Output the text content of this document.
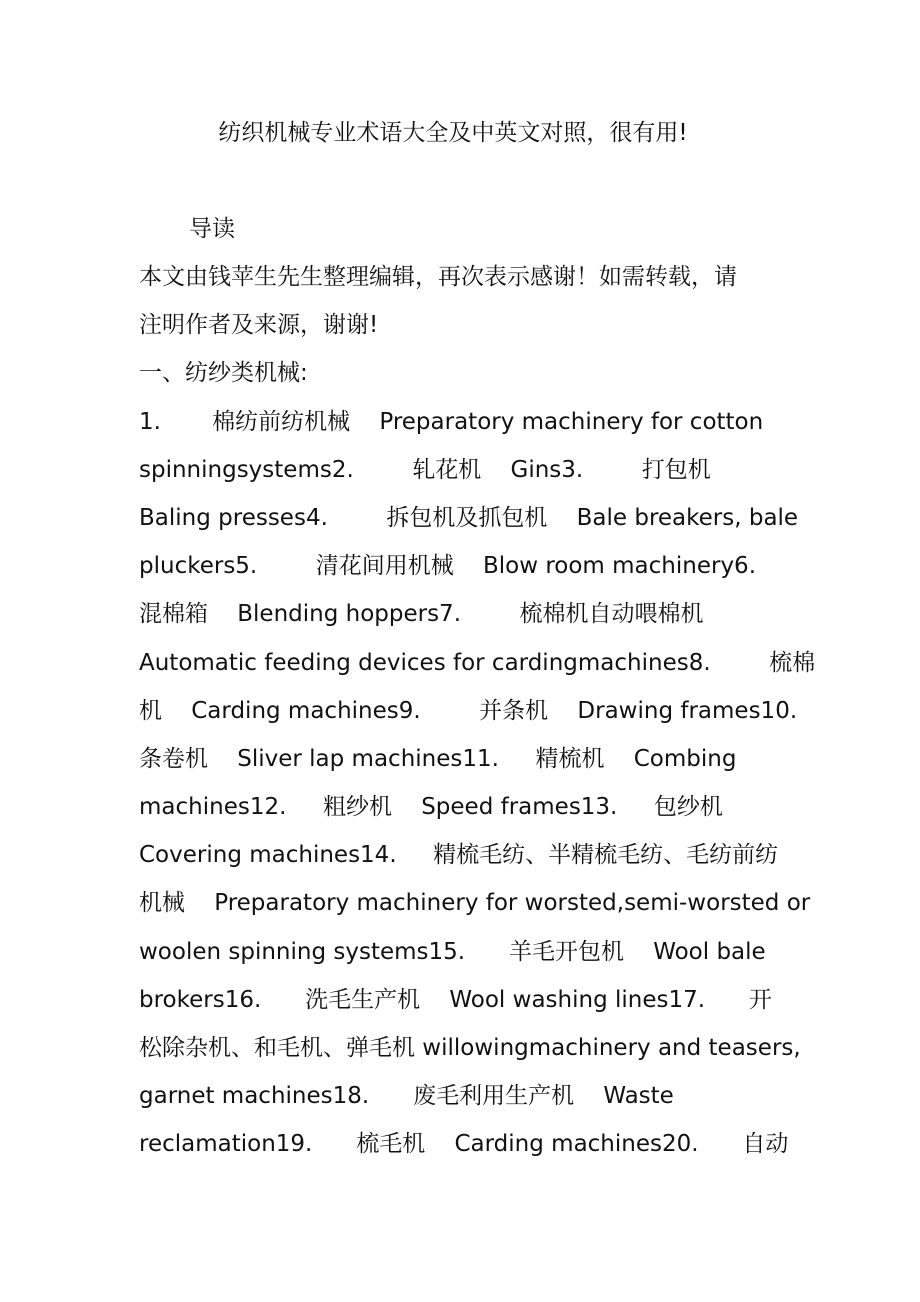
纺织机械专业术语大全及中英文对照，很有用!
导读
本文由钱苹生先生整理编辑，再次表示感谢！如需转载，请
注明作者及来源，谢谢!
一、纺纱类机械:
1.       棉纺前纺机械    Preparatory machinery for cotton
spinningsystems2.        轧花机    Gins3.        打包机
Baling presses4.        拆包机及抓包机    Bale breakers, bale
pluckers5.        清花间用机械    Blow room machinery6.
混棉箱    Blending hoppers7.        梳棉机自动喂棉机
Automatic feeding devices for cardingmachines8.        梳棉
机    Carding machines9.        并条机    Drawing frames10.
条卷机    Sliver lap machines11.     精梳机    Combing
machines12.     粗纱机    Speed frames13.     包纱机
Covering machines14.     精梳毛纺、半精梳毛纺、毛纺前纺
机械    Preparatory machinery for worsted,semi-worsted or
woolen spinning systems15.      羊毛开包机    Wool bale
brokers16.      洗毛生产机    Wool washing lines17.      开
松除杂机、和毛机、弹毛机 willowingmachinery and teasers,
garnet machines18.      废毛利用生产机    Waste
reclamation19.      梳毛机    Carding machines20.      自动
